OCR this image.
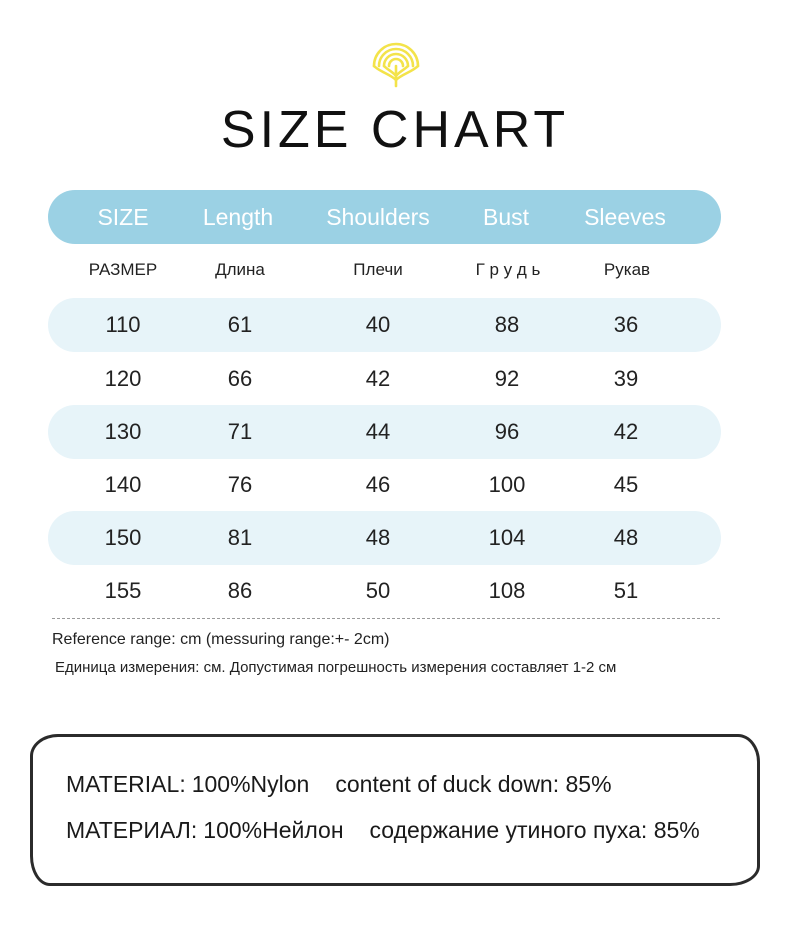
SIZE CHART
SIZE Length Shoulders Bust Sleeves
РАЗМЕР	Длина	Плечи	Г р у д ь	Рукав
110	61	40	88	36
120	66	42	92	39
130	71	44	96	42
140	76	46	100	45
150	81	48	104	48
155	86	50	108	51
Reference range: cm (messuring range:+- 2cm)
Единица измерения: см. Допустимая погрешность измерения составляет 1-2 см
MATERIAL: 100%Nylon content of duck down: 85%
МАТЕРИАЛ: 100%Нейлон содержание утиного пуха: 85%
